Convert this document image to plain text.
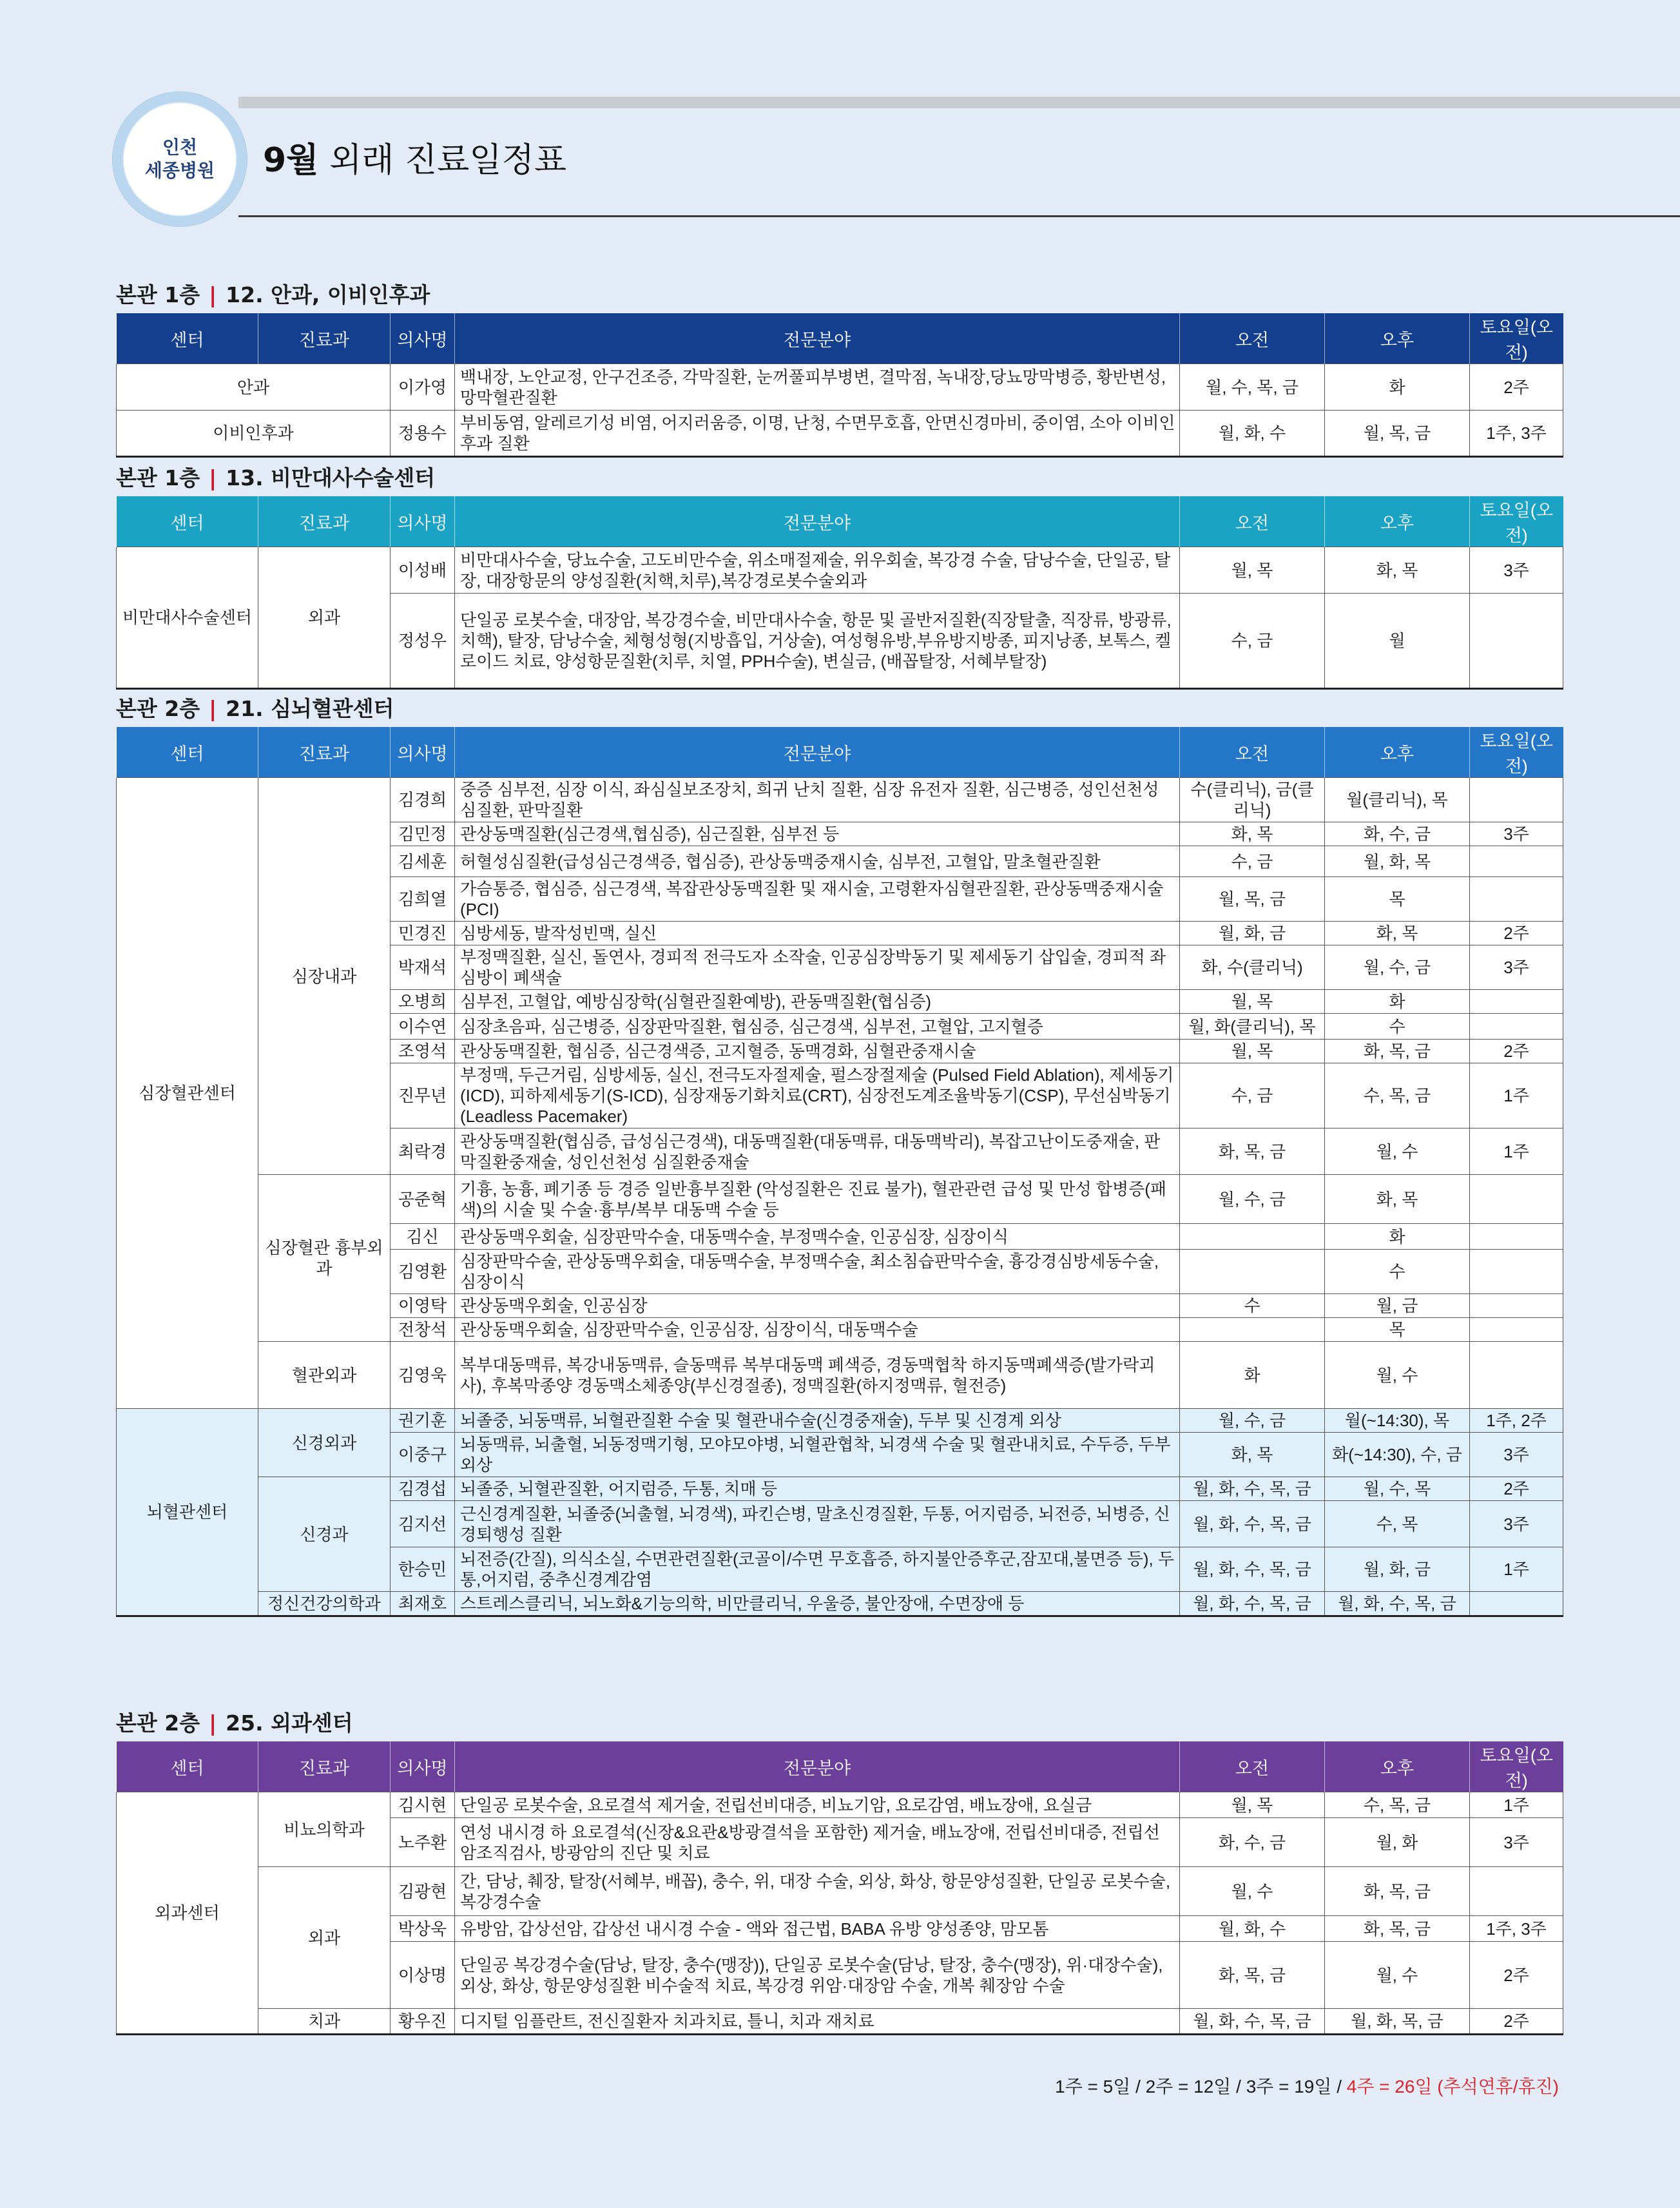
인천
세종병원 9월 외래 진료일정표
본관 1층 | 12. 안과, 이비인후과
센터	진료과	의사명	전문분야	오전	오후	토요일(오전)
안과		이가영	백내장, 노안교정, 안구건조증, 각막질환, 눈꺼풀피부병변, 결막점, 녹내장,당뇨망막병증, 황반변성, 망막혈관질환	월, 수, 목, 금	화	2주
이비인후과		정용수	부비동염, 알레르기성 비염, 어지러움증, 이명, 난청, 수면무호흡, 안면신경마비, 중이염, 소아 이비인후과 질환	월, 화, 수	월, 목, 금	1주, 3주
본관 1층 | 13. 비만대사수술센터
센터	진료과	의사명	전문분야	오전	오후	토요일(오전)
비만대사수술센터	외과	이성배	비만대사수술, 당뇨수술, 고도비만수술, 위소매절제술, 위우회술, 복강경 수술, 담낭수술, 단일공, 탈장, 대장항문의 양성질환(치핵,치루),복강경로봇수술외과	월, 목	화, 목	3주
		정성우	단일공 로봇수술, 대장암, 복강경수술, 비만대사수술, 항문 및 골반저질환(직장탈출, 직장류, 방광류, 치핵), 탈장, 담낭수술, 체형성형(지방흡입, 거상술), 여성형유방,부유방지방종, 피지낭종, 보톡스, 켈로이드 치료, 양성항문질환(치루, 치열, PPH수술), 변실금, (배꼽탈장, 서혜부탈장)	수, 금	월	
본관 2층 | 21. 심뇌혈관센터
센터	진료과	의사명	전문분야	오전	오후	토요일(오전)
심장혈관센터	심장내과	김경희	중증 심부전, 심장 이식, 좌심실보조장치, 희귀 난치 질환, 심장 유전자 질환, 심근병증, 성인선천성 심질환, 판막질환	수(클리닉), 금(클리닉)	월(클리닉), 목	
		김민정	관상동맥질환(심근경색,협심증), 심근질환, 심부전 등	화, 목	화, 수, 금	3주
		김세훈	허혈성심질환(급성심근경색증, 협심증), 관상동맥중재시술, 심부전, 고혈압, 말초혈관질환	수, 금	월, 화, 목	
		김희열	가슴통증, 협심증, 심근경색, 복잡관상동맥질환 및 재시술, 고령환자심혈관질환, 관상동맥중재시술(PCI)	월, 목, 금	목	
		민경진	심방세동, 발작성빈맥, 실신	월, 화, 금	화, 목	2주
		박재석	부정맥질환, 실신, 돌연사, 경피적 전극도자 소작술, 인공심장박동기 및 제세동기 삽입술, 경피적 좌심방이 폐색술	화, 수(클리닉)	월, 수, 금	3주
		오병희	심부전, 고혈압, 예방심장학(심혈관질환예방), 관동맥질환(협심증)	월, 목	화	
		이수연	심장초음파, 심근병증, 심장판막질환, 협심증, 심근경색, 심부전, 고혈압, 고지혈증	월, 화(클리닉), 목	수	
		조영석	관상동맥질환, 협심증, 심근경색증, 고지혈증, 동맥경화, 심혈관중재시술	월, 목	화, 목, 금	2주
		진무년	부정맥, 두근거림, 심방세동, 실신, 전극도자절제술, 펄스장절제술 (Pulsed Field Ablation), 제세동기(ICD), 피하제세동기(S-ICD), 심장재동기화치료(CRT), 심장전도계조율박동기(CSP), 무선심박동기(Leadless Pacemaker)	수, 금	수, 목, 금	1주
		최락경	관상동맥질환(협심증, 급성심근경색), 대동맥질환(대동맥류, 대동맥박리), 복잡고난이도중재술, 판막질환중재술, 성인선천성 심질환중재술	화, 목, 금	월, 수	1주
	심장혈관 흉부외과	공준혁	기흉, 농흉, 폐기종 등 경증 일반흉부질환 (악성질환은 진료 불가), 혈관관련 급성 및 만성 합병증(패색)의 시술 및 수술·흉부/복부 대동맥 수술 등	월, 수, 금	화, 목	
		김신	관상동맥우회술, 심장판막수술, 대동맥수술, 부정맥수술, 인공심장, 심장이식		화	
		김영환	심장판막수술, 관상동맥우회술, 대동맥수술, 부정맥수술, 최소침습판막수술, 흉강경심방세동수술, 심장이식		수	
		이영탁	관상동맥우회술, 인공심장	수	월, 금	
		전창석	관상동맥우회술, 심장판막수술, 인공심장, 심장이식, 대동맥수술		목	
	혈관외과	김영욱	복부대동맥류, 복강내동맥류, 슬동맥류 복부대동맥 폐색증, 경동맥협착 하지동맥폐색증(발가락괴사), 후복막종양 경동맥소체종양(부신경절종), 정맥질환(하지정맥류, 혈전증)	화	월, 수	
뇌혈관센터	신경외과	권기훈	뇌졸중, 뇌동맥류, 뇌혈관질환 수술 및 혈관내수술(신경중재술), 두부 및 신경계 외상	월, 수, 금	월(~14:30), 목	1주, 2주
		이중구	뇌동맥류, 뇌출혈, 뇌동정맥기형, 모야모야병, 뇌혈관협착, 뇌경색 수술 및 혈관내치료, 수두증, 두부외상	화, 목	화(~14:30), 수, 금	3주
	신경과	김경섭	뇌졸중, 뇌혈관질환, 어지럼증, 두통, 치매 등	월, 화, 수, 목, 금	월, 수, 목	2주
		김지선	근신경계질환, 뇌졸중(뇌출혈, 뇌경색), 파킨슨병, 말초신경질환, 두통, 어지럼증, 뇌전증, 뇌병증, 신경퇴행성 질환	월, 화, 수, 목, 금	수, 목	3주
		한승민	뇌전증(간질), 의식소실, 수면관련질환(코골이/수면 무호흡증, 하지불안증후군,잠꼬대,불면증 등), 두통,어지럼, 중추신경계감염	월, 화, 수, 목, 금	월, 화, 금	1주
	정신건강의학과	최재호	스트레스클리닉, 뇌노화&기능의학, 비만클리닉, 우울증, 불안장애, 수면장애 등	월, 화, 수, 목, 금	월, 화, 수, 목, 금	
본관 2층 | 25. 외과센터
센터	진료과	의사명	전문분야	오전	오후	토요일(오전)
외과센터	비뇨의학과	김시현	단일공 로봇수술, 요로결석 제거술, 전립선비대증, 비뇨기암, 요로감염, 배뇨장애, 요실금	월, 목	수, 목, 금	1주
		노주환	연성 내시경 하 요로결석(신장&요관&방광결석을 포함한) 제거술, 배뇨장애, 전립선비대증, 전립선암조직검사, 방광암의 진단 및 치료	화, 수, 금	월, 화	3주
	외과	김광현	간, 담낭, 췌장, 탈장(서혜부, 배꼽), 충수, 위, 대장 수술, 외상, 화상, 항문양성질환, 단일공 로봇수술, 복강경수술	월, 수	화, 목, 금	
		박상욱	유방암, 갑상선암, 갑상선 내시경 수술 - 액와 접근법, BABA 유방 양성종양, 맘모톰	월, 화, 수	화, 목, 금	1주, 3주
		이상명	단일공 복강경수술(담낭, 탈장, 충수(맹장)), 단일공 로봇수술(담낭, 탈장, 충수(맹장), 위·대장수술), 외상, 화상, 항문양성질환 비수술적 치료, 복강경 위암·대장암 수술, 개복 췌장암 수술	화, 목, 금	월, 수	2주
	치과	황우진	디지털 임플란트, 전신질환자 치과치료, 틀니, 치과 재치료	월, 화, 수, 목, 금	월, 화, 목, 금	2주
1주 = 5일 / 2주 = 12일 / 3주 = 19일 / 4주 = 26일 (추석연휴/휴진)
